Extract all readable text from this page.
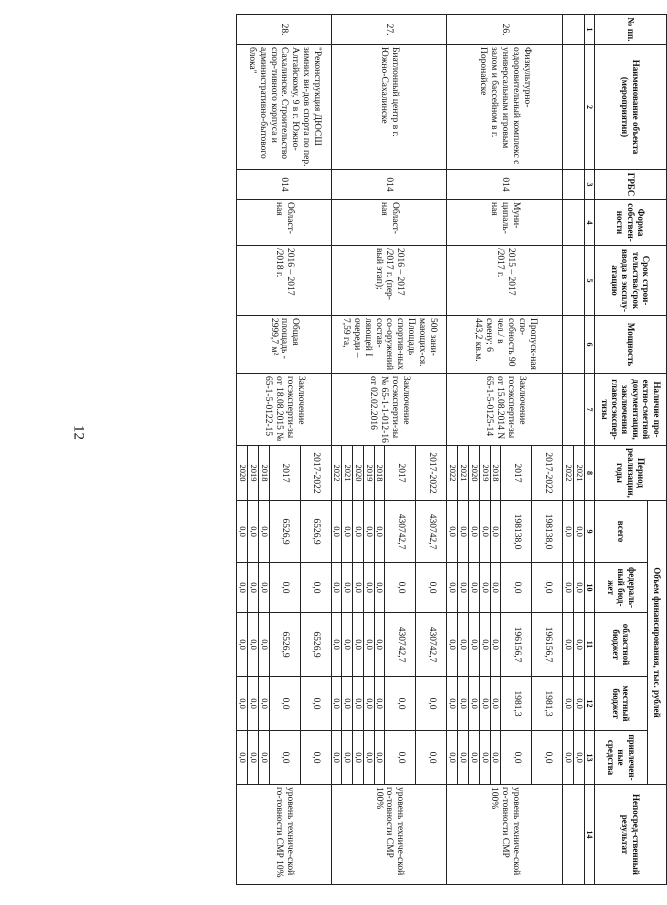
12
№ пп.	Наименование объекта (мероприятия)	ГРБС	Форма собствен-ности	Срок строи-тельства/срок ввода в эксплу-атацию	Мощность	Наличие про-ектно-сметной документации, заключения главгосэкспер-тизы	Период реализации, годы	Объем финансирования, тыс. рублей					Непосред-ственный результат
								всего	федераль-ный бюд-жет	областной бюджет	местный бюджет	привлечен-ные средства	
1	2	3	4	5	6	7	8	9	10	11	12	13	14
							2021	0,0	0,0	0,0	0,0	0,0	
							2022	0,0	0,0	0,0	0,0	0,0	
26.	Физкультурно-оздоровительный комплекс с универсальным игровым залом и бассейном в г. Поронайске	014	Муни-ципаль-ная	2015 – 2017 /2017 г.	Пропуск-ная спо-собность 90 чел./ в смену; 6 443,2 кв.м.	Заключение госэксперти-зы от 15.08.2014 N 65-1-5-0125-14	2017-2022	198138,0	0,0	196156,7	1981,3	0,0	уровень техниче-ской го-товности СМР 100%
							2017	198138,0	0,0	196156,7	1981,3	0,0	
							2018	0,0	0,0	0,0	0,0	0,0	
							2019	0,0	0,0	0,0	0,0	0,0	
							2020	0,0	0,0	0,0	0,0	0,0	
							2021	0,0	0,0	0,0	0,0	0,0	
							2022	0,0	0,0	0,0	0,0	0,0	
27.	Биатлонный центр в г. Южно-Сахалинске	014	Област-ная	2016 – 2017 /2017 г. (пер-вый этап);	500 зани-мающих-ся. Площадь спортив-ных со-оружений состав-ляющей I очереди – 7,59 га,	Заключение госэксперти-зы № 65-1-1-012-16 от 02.02.2016	2017-2022	430742,7	0,0	430742,7	0,0	0,0	уровень техниче-ской го-товности СМР 100%
							2017	430742,7	0,0	430742,7	0,0	0,0	
							2018	0,0	0,0	0,0	0,0	0,0	
							2019	0,0	0,0	0,0	0,0	0,0	
							2020	0,0	0,0	0,0	0,0	0,0	
							2021	0,0	0,0	0,0	0,0	0,0	
							2022	0,0	0,0	0,0	0,0	0,0	
28.	"Реконструкция ДЮСШ зимних ви-дов спорта по пер. Алтайскому, 9 в г. Южно-Сахалинске. Строительство спор-тивного корпуса и административно-бытового блока"	014	Област-ная	2016 – 2017 /2018 г.	Общая площадь - 2999,7 м²	Заключение госэксперти-зы от 18.08.2015 № 65-1-5-0122-15	2017-2022	6526,9	0,0	6526,9	0,0	0,0	уровень техниче-ской го-товности СМР 10%
							2017	6526,9	0,0	6526,9	0,0	0,0	
							2018	0,0	0,0	0,0	0,0	0,0	
							2019	0,0	0,0	0,0	0,0	0,0	
							2020	0,0	0,0	0,0	0,0	0,0	
